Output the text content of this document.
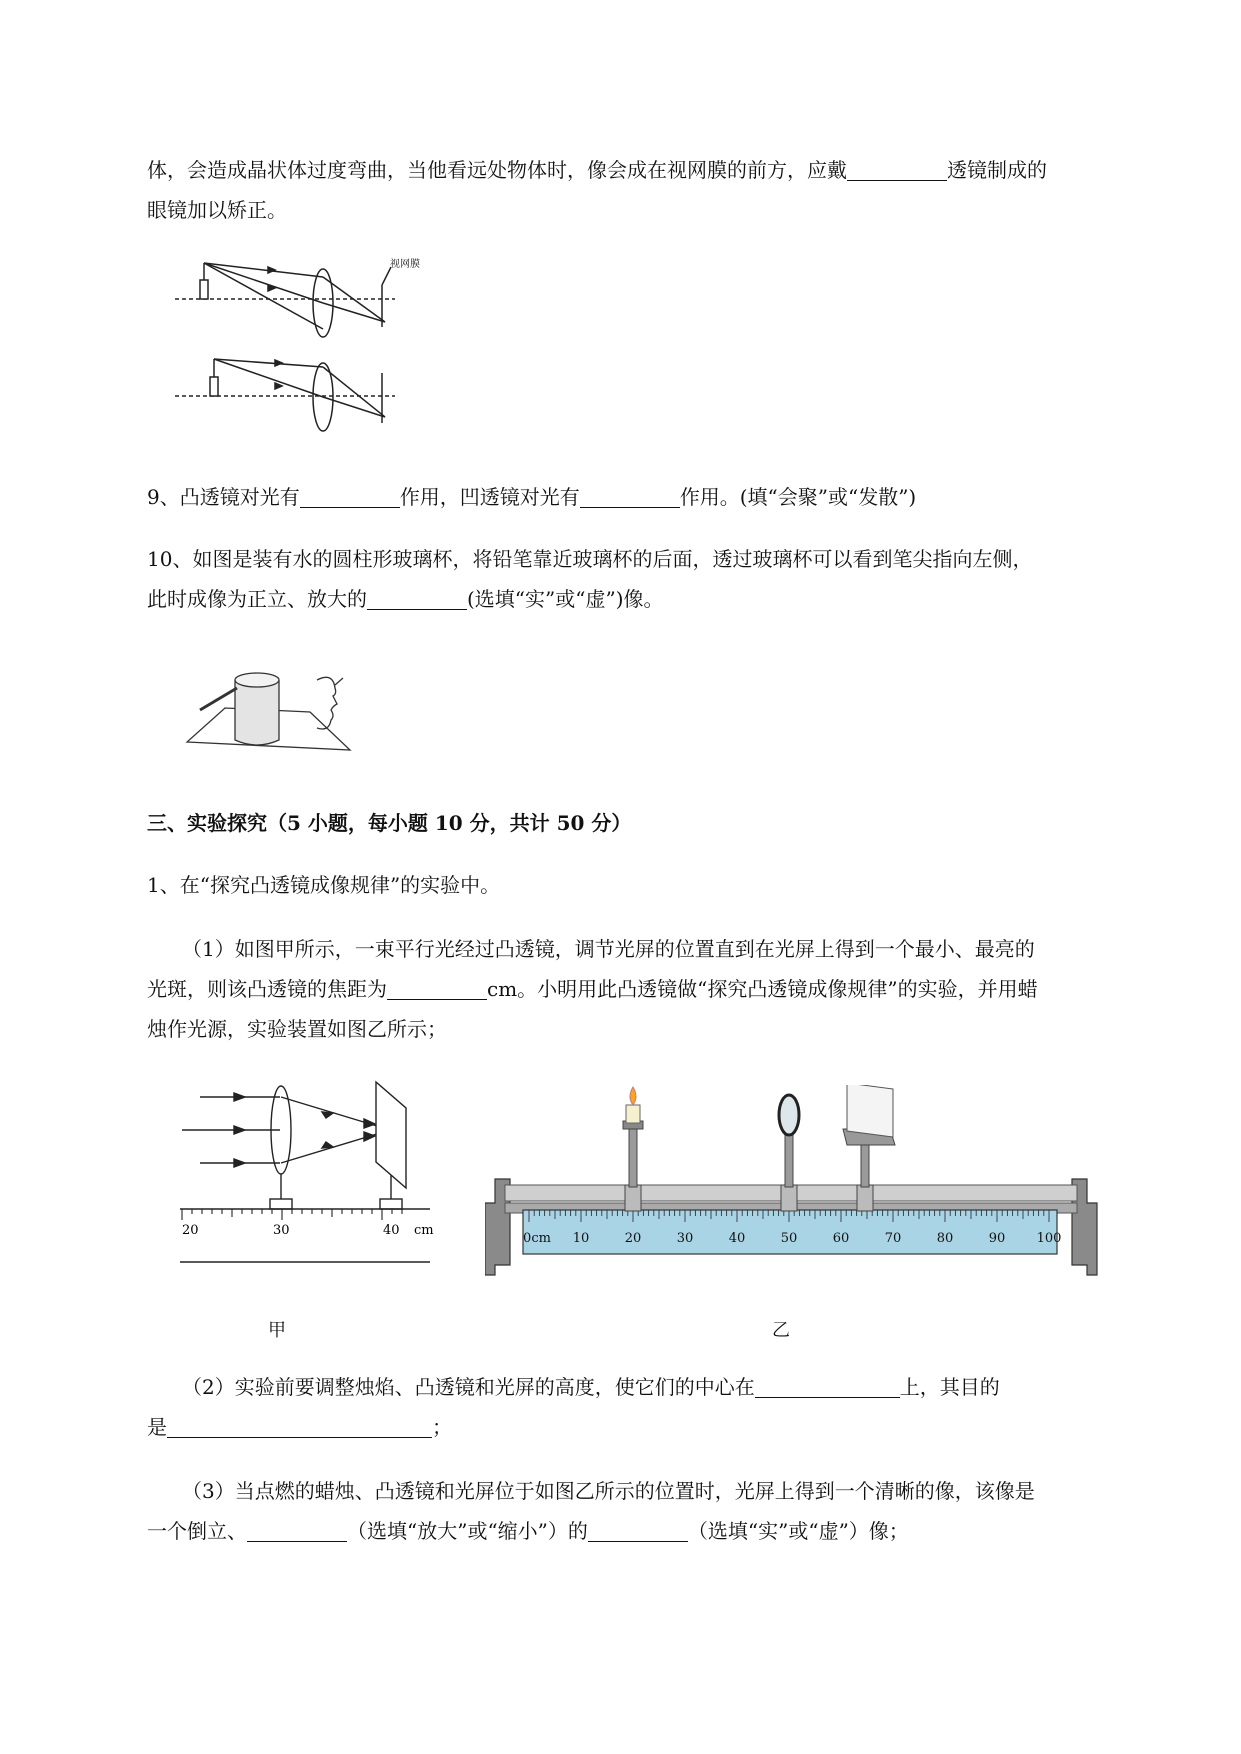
体，会造成晶状体过度弯曲，当他看远处物体时，像会成在视网膜的前方，应戴	透镜制成的
眼镜加以矫正。
视网膜
9、凸透镜对光有	作用，凹透镜对光有	作用。(填“会聚”或“发散”)
10、如图是装有水的圆柱形玻璃杯，将铅笔靠近玻璃杯的后面，透过玻璃杯可以看到笔尖指向左侧，
此时成像为正立、放大的	(选填“实”或“虚”)像。
三、实验探究（5 小题，每小题 10 分，共计 50 分）
1、在“探究凸透镜成像规律”的实验中。
（1）如图甲所示，一束平行光经过凸透镜，调节光屏的位置直到在光屏上得到一个最小、最亮的
光斑，则该凸透镜的焦距为	cm。小明用此凸透镜做“探究凸透镜成像规律”的实验，并用蜡
烛作光源，实验装置如图乙所示；
20	30	40 cm
甲
0cm 10	20	30	40	50	60	70	80	90 100
乙
（2）实验前要调整烛焰、凸透镜和光屏的高度，使它们的中心在	上，其目的
是	；
（3）当点燃的蜡烛、凸透镜和光屏位于如图乙所示的位置时，光屏上得到一个清晰的像，该像是
一个倒立、	（选填“放大”或“缩小”）的	（选填“实”或“虚”）像；
